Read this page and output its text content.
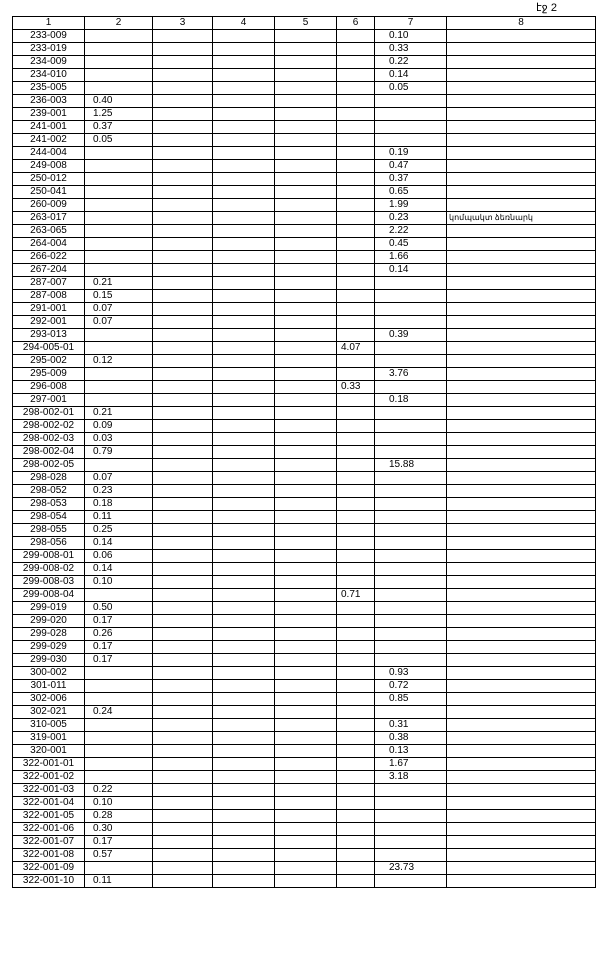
էջ 2
1	2	3	4	5	6	7	8
233-009						0.10	
233-019						0.33	
234-009						0.22	
234-010						0.14	
235-005						0.05	
236-003	0.40						
239-001	1.25						
241-001	0.37						
241-002	0.05						
244-004						0.19	
249-008						0.47	
250-012						0.37	
250-041						0.65	
260-009						1.99	
263-017						0.23	կոմպակտ ձեռնարկ
263-065						2.22	
264-004						0.45	
266-022						1.66	
267-204						0.14	
287-007	0.21						
287-008	0.15						
291-001	0.07						
292-001	0.07						
293-013						0.39	
294-005-01					4.07		
295-002	0.12						
295-009						3.76	
296-008					0.33		
297-001						0.18	
298-002-01	0.21						
298-002-02	0.09						
298-002-03	0.03						
298-002-04	0.79						
298-002-05						15.88	
298-028	0.07						
298-052	0.23						
298-053	0.18						
298-054	0.11						
298-055	0.25						
298-056	0.14						
299-008-01	0.06						
299-008-02	0.14						
299-008-03	0.10						
299-008-04					0.71		
299-019	0.50						
299-020	0.17						
299-028	0.26						
299-029	0.17						
299-030	0.17						
300-002						0.93	
301-011						0.72	
302-006						0.85	
302-021	0.24						
310-005						0.31	
319-001						0.38	
320-001						0.13	
322-001-01						1.67	
322-001-02						3.18	
322-001-03	0.22						
322-001-04	0.10						
322-001-05	0.28						
322-001-06	0.30						
322-001-07	0.17						
322-001-08	0.57						
322-001-09						23.73	
322-001-10	0.11						
